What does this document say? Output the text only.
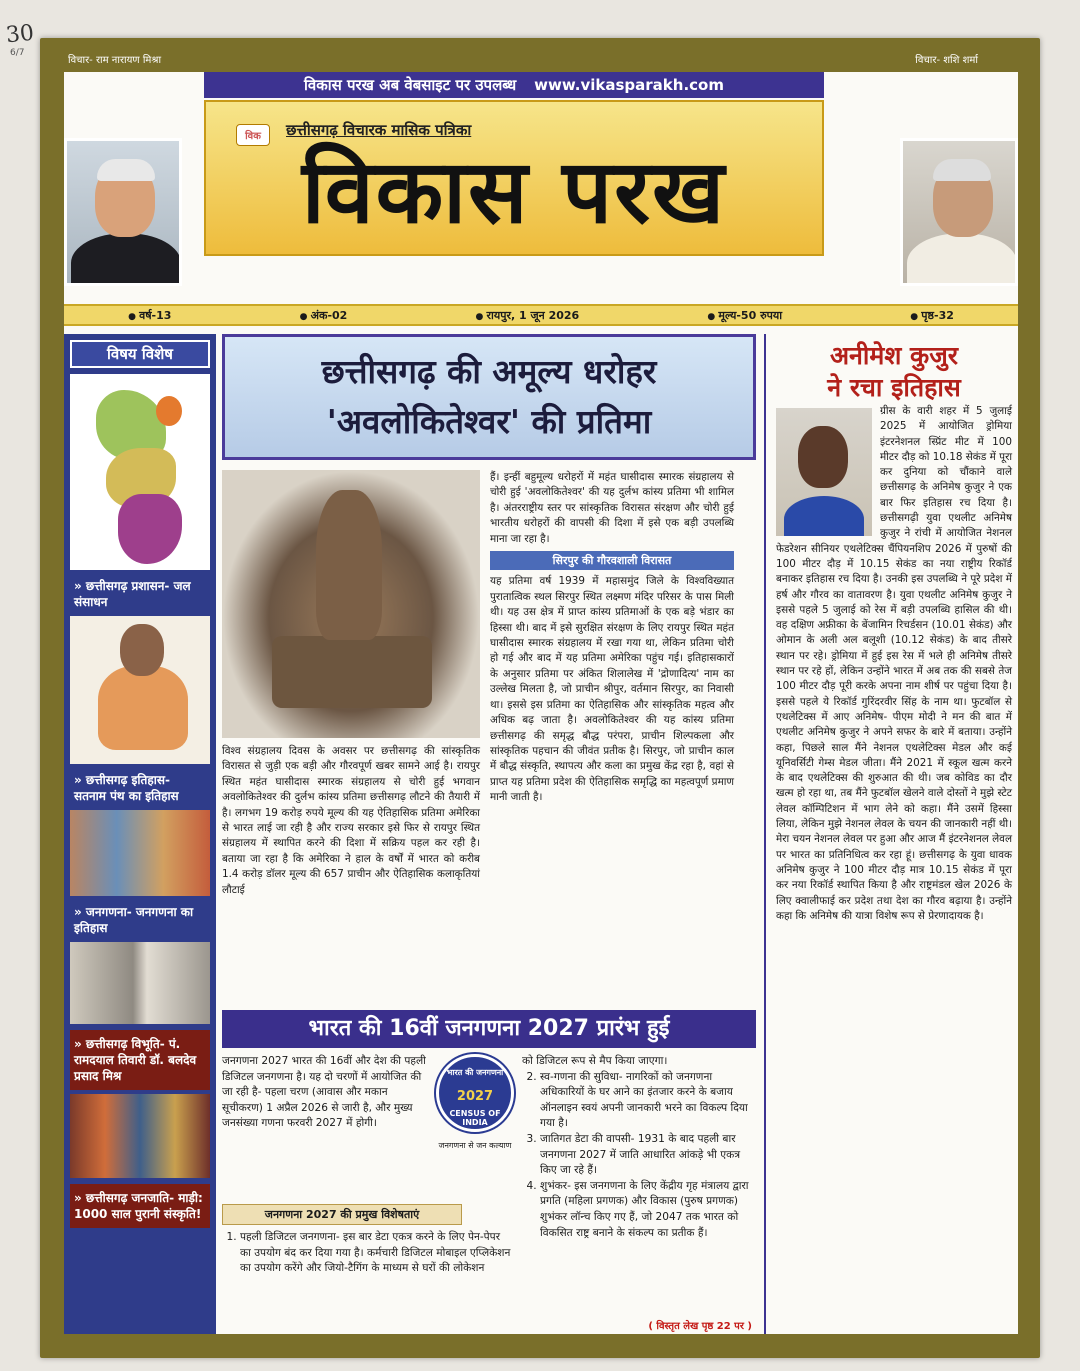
30
6/7
विचार- राम नारायण मिश्रा	विचार- शशि शर्मा
विकास परख अब वेबसाइट पर उपलब्ध www.vikasparakh.com
विक	छत्तीसगढ़ विचारक मासिक पत्रिका
विकास परख
● वर्ष-13	● अंक-02	● रायपुर, 1 जून 2026	● मूल्य-50 रुपया	● पृष्ठ-32
विषय विशेष
» छत्तीसगढ़ प्रशासन- जल संसाधन
» छत्तीसगढ़ इतिहास- सतनाम पंथ का इतिहास
» जनगणना- जनगणना का इतिहास
» छत्तीसगढ़ विभूति- पं. रामदयाल तिवारी डॉ. बलदेव प्रसाद मिश्र
» छत्तीसगढ़ जनजाति- माड़ी: 1000 साल पुरानी संस्कृति!
छत्तीसगढ़ की अमूल्य धरोहर
'अवलोकितेश्वर' की प्रतिमा
विश्व संग्रहालय दिवस के अवसर पर छत्तीसगढ़ की सांस्कृतिक विरासत से जुड़ी एक बड़ी और गौरवपूर्ण खबर सामने आई है। रायपुर स्थित महंत घासीदास स्मारक संग्रहालय से चोरी हुई भगवान अवलोकितेश्वर की दुर्लभ कांस्य प्रतिमा छत्तीसगढ़ लौटने की तैयारी में है। लगभग 19 करोड़ रुपये मूल्य की यह ऐतिहासिक प्रतिमा अमेरिका से भारत लाई जा रही है और राज्य सरकार इसे फिर से रायपुर स्थित संग्रहालय में स्थापित करने की दिशा में सक्रिय पहल कर रही है। बताया जा रहा है कि अमेरिका ने हाल के वर्षों में भारत को करीब 1.4 करोड़ डॉलर मूल्य की 657 प्राचीन और ऐतिहासिक कलाकृतियां लौटाई
हैं। इन्हीं बहुमूल्य धरोहरों में महंत घासीदास स्मारक संग्रहालय से चोरी हुई 'अवलोकितेश्वर' की यह दुर्लभ कांस्य प्रतिमा भी शामिल है। अंतरराष्ट्रीय स्तर पर सांस्कृतिक विरासत संरक्षण और चोरी हुई भारतीय धरोहरों की वापसी की दिशा में इसे एक बड़ी उपलब्धि माना जा रहा है।
सिरपुर की गौरवशाली विरासत
यह प्रतिमा वर्ष 1939 में महासमुंद जिले के विश्वविख्यात पुरातात्विक स्थल सिरपुर स्थित लक्ष्मण मंदिर परिसर के पास मिली थी। यह उस क्षेत्र में प्राप्त कांस्य प्रतिमाओं के एक बड़े भंडार का हिस्सा थी। बाद में इसे सुरक्षित संरक्षण के लिए रायपुर स्थित महंत घासीदास स्मारक संग्रहालय में रखा गया था, लेकिन प्रतिमा चोरी हो गई और बाद में यह प्रतिमा अमेरिका पहुंच गई। इतिहासकारों के अनुसार प्रतिमा पर अंकित शिलालेख में 'द्रोणादित्य' नाम का उल्लेख मिलता है, जो प्राचीन श्रीपुर, वर्तमान सिरपुर, का निवासी था। इससे इस प्रतिमा का ऐतिहासिक और सांस्कृतिक महत्व और अधिक बढ़ जाता है। अवलोकितेश्वर की यह कांस्य प्रतिमा छत्तीसगढ़ की समृद्ध बौद्ध परंपरा, प्राचीन शिल्पकला और सांस्कृतिक पहचान की जीवंत प्रतीक है। सिरपुर, जो प्राचीन काल में बौद्ध संस्कृति, स्थापत्य और कला का प्रमुख केंद्र रहा है, वहां से प्राप्त यह प्रतिमा प्रदेश की ऐतिहासिक समृद्धि का महत्वपूर्ण प्रमाण मानी जाती है।
भारत की 16वीं जनगणना 2027 प्रारंभ हुई
जनगणना 2027 भारत की 16वीं और देश की पहली डिजिटल जनगणना है। यह दो चरणों में आयोजित की जा रही है- पहला चरण (आवास और मकान सूचीकरण) 1 अप्रैल 2026 से जारी है, और मुख्य जनसंख्या गणना फरवरी 2027 में होगी।
भारत की जनगणना
2027
CENSUS OF INDIA
जनगणना से जन कल्याण
जनगणना 2027 की प्रमुख विशेषताएं
1. पहली डिजिटल जनगणना- इस बार डेटा एकत्र करने के लिए पेन-पेपर का उपयोग बंद कर दिया गया है। कर्मचारी डिजिटल मोबाइल एप्लिकेशन का उपयोग करेंगे और जियो-टैगिंग के माध्यम से घरों की लोकेशन
को डिजिटल रूप से मैप किया जाएगा।
2. स्व-गणना की सुविधा- नागरिकों को जनगणना अधिकारियों के घर आने का इंतजार करने के बजाय ऑनलाइन स्वयं अपनी जानकारी भरने का विकल्प दिया गया है।
3. जातिगत डेटा की वापसी- 1931 के बाद पहली बार जनगणना 2027 में जाति आधारित आंकड़े भी एकत्र किए जा रहे हैं।
4. शुभंकर- इस जनगणना के लिए केंद्रीय गृह मंत्रालय द्वारा प्रगति (महिला प्रगणक) और विकास (पुरुष प्रगणक) शुभंकर लॉन्च किए गए हैं, जो 2047 तक भारत को विकसित राष्ट्र बनाने के संकल्प का प्रतीक हैं।
( विस्तृत लेख पृष्ठ 22 पर )
अनीमेश कुजुर
ने रचा इतिहास
ग्रीस के वारी शहर में 5 जुलाई 2025 में आयोजित ड्रोमिया इंटरनेशनल स्प्रिंट मीट में 100 मीटर दौड़ को 10.18 सेकंड में पूरा कर दुनिया को चौंकाने वाले छत्तीसगढ़ के अनिमेष कुजुर ने एक बार फिर इतिहास रच दिया है। छत्तीसगढ़ी युवा एथलीट अनिमेष कुजुर ने रांची में आयोजित नेशनल फेडरेशन सीनियर एथलेटिक्स चैंपियनशिप 2026 में पुरुषों की 100 मीटर दौड़ में 10.15 सेकंड का नया राष्ट्रीय रिकॉर्ड बनाकर इतिहास रच दिया है। उनकी इस उपलब्धि ने पूरे प्रदेश में हर्ष और गौरव का वातावरण है। युवा एथलीट अनिमेष कुजुर ने इससे पहले 5 जुलाई को रेस में बड़ी उपलब्धि हासिल की थी। वह दक्षिण अफ्रीका के बेंजामिन रिचर्डसन (10.01 सेकंड) और ओमान के अली अल बलूशी (10.12 सेकंड) के बाद तीसरे स्थान पर रहे। ड्रोमिया में हुई इस रेस में भले ही अनिमेष तीसरे स्थान पर रहे हों, लेकिन उन्होंने भारत में अब तक की सबसे तेज 100 मीटर दौड़ पूरी करके अपना नाम शीर्ष पर पहुंचा दिया है। इससे पहले ये रिकॉर्ड गुरिंदरवीर सिंह के नाम था। फुटबॉल से एथलेटिक्स में आए अनिमेष- पीएम मोदी ने मन की बात में एथलीट अनिमेष कुजुर ने अपने सफर के बारे में बताया। उन्होंने कहा, पिछले साल मैंने नेशनल एथलेटिक्स मेडल और कई यूनिवर्सिटी गेम्स मेडल जीता। मैंने 2021 में स्कूल खत्म करने के बाद एथलेटिक्स की शुरुआत की थी। जब कोविड का दौर खत्म हो रहा था, तब मैंने फुटबॉल खेलने वाले दोस्तों ने मुझे स्टेट लेवल कॉम्पिटिशन में भाग लेने को कहा। मैंने उसमें हिस्सा लिया, लेकिन मुझे नेशनल लेवल के चयन की जानकारी नहीं थी। मेरा चयन नेशनल लेवल पर हुआ और आज मैं इंटरनेशनल लेवल पर भारत का प्रतिनिधित्व कर रहा हूं। छत्तीसगढ़ के युवा धावक अनिमेष कुजुर ने 100 मीटर दौड़ मात्र 10.15 सेकंड में पूरा कर नया रिकॉर्ड स्थापित किया है और राष्ट्रमंडल खेल 2026 के लिए क्वालीफाई कर प्रदेश तथा देश का गौरव बढ़ाया है। उन्होंने कहा कि अनिमेष की यात्रा विशेष रूप से प्रेरणादायक है।
